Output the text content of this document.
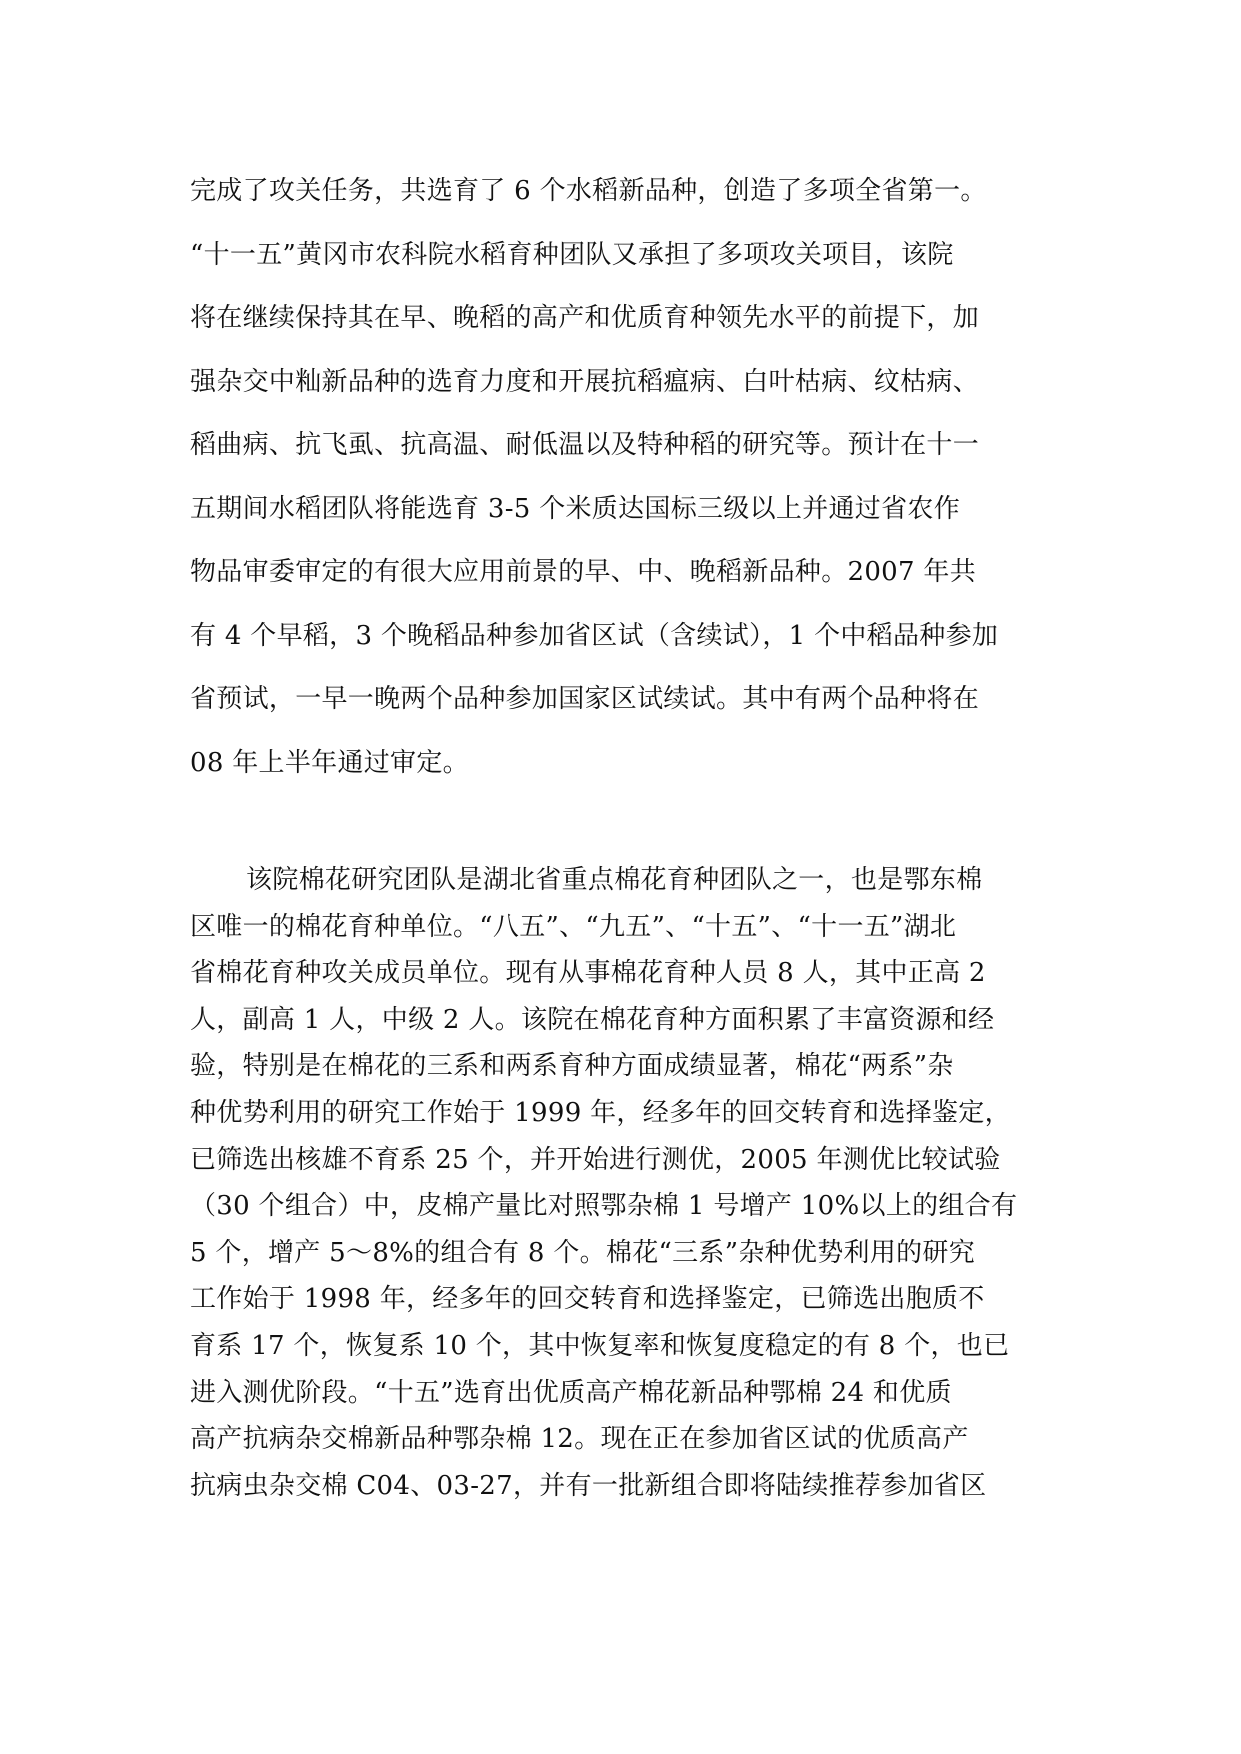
完成了攻关任务，共选育了 6 个水稻新品种，创造了多项全省第一。
“十一五”黄冈市农科院水稻育种团队又承担了多项攻关项目，该院
将在继续保持其在早、晚稻的高产和优质育种领先水平的前提下，加
强杂交中籼新品种的选育力度和开展抗稻瘟病、白叶枯病、纹枯病、
稻曲病、抗飞虱、抗高温、耐低温以及特种稻的研究等。预计在十一
五期间水稻团队将能选育 3-5 个米质达国标三级以上并通过省农作
物品审委审定的有很大应用前景的早、中、晚稻新品种。2007 年共
有 4 个早稻，3 个晚稻品种参加省区试（含续试），1 个中稻品种参加
省预试，一早一晚两个品种参加国家区试续试。其中有两个品种将在
08 年上半年通过审定。
该院棉花研究团队是湖北省重点棉花育种团队之一，也是鄂东棉
区唯一的棉花育种单位。“八五”、“九五”、“十五”、“十一五”湖北
省棉花育种攻关成员单位。现有从事棉花育种人员 8 人，其中正高 2
人，副高 1 人，中级 2 人。该院在棉花育种方面积累了丰富资源和经
验，特别是在棉花的三系和两系育种方面成绩显著，棉花“两系”杂
种优势利用的研究工作始于 1999 年，经多年的回交转育和选择鉴定，
已筛选出核雄不育系 25 个，并开始进行测优，2005 年测优比较试验
（30 个组合）中，皮棉产量比对照鄂杂棉 1 号增产 10%以上的组合有
5 个，增产 5～8%的组合有 8 个。棉花“三系”杂种优势利用的研究
工作始于 1998 年，经多年的回交转育和选择鉴定，已筛选出胞质不
育系 17 个，恢复系 10 个，其中恢复率和恢复度稳定的有 8 个，也已
进入测优阶段。“十五”选育出优质高产棉花新品种鄂棉 24 和优质
高产抗病杂交棉新品种鄂杂棉 12。现在正在参加省区试的优质高产
抗病虫杂交棉 C04、03-27，并有一批新组合即将陆续推荐参加省区
